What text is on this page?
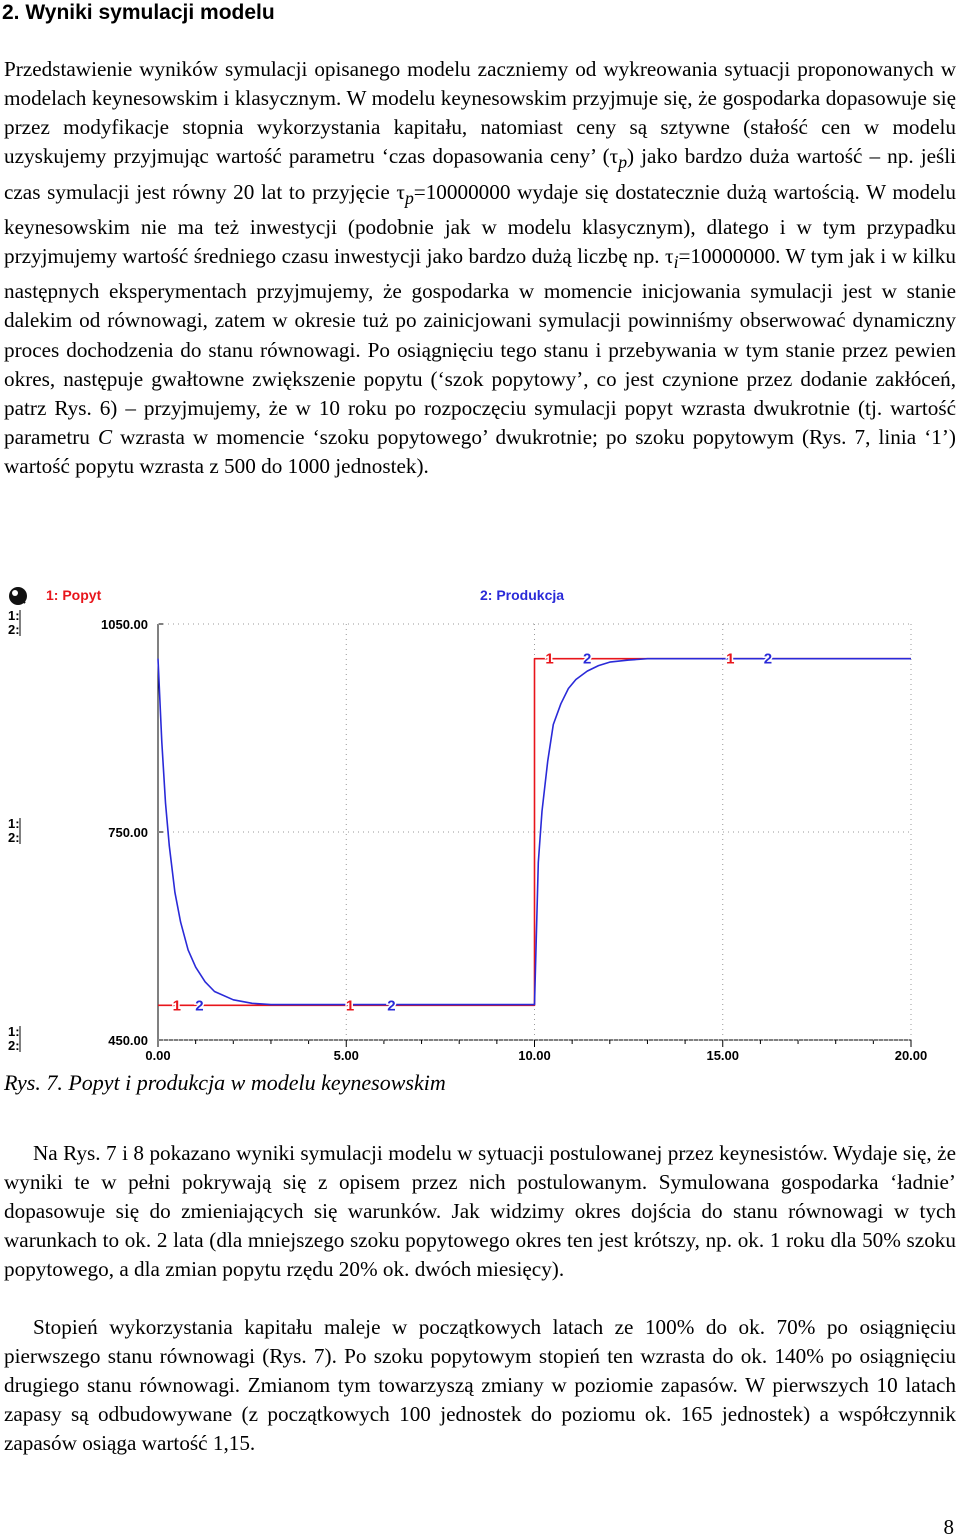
2. Wyniki symulacji modelu

Przedstawienie wyników symulacji opisanego modelu zaczniemy od wykreowania sytuacji proponowanych w modelach keynesowskim i klasycznym. W modelu keynesowskim przyjmuje się, że gospodarka dopasowuje się przez modyfikacje stopnia wykorzystania kapitału, natomiast ceny są sztywne (stałość cen w modelu uzyskujemy przyjmując wartość parametru ‘czas dopasowania ceny’ $(\tau_p)$ jako bardzo duża wartość – np. jeśli czas symulacji jest równy 20 lat to przyjęcie $\tau_p=10000000$ wydaje się dostatecznie dużą wartością. W modelu keynesowskim nie ma też inwestycji (podobnie jak w modelu klasycznym), dlatego i w tym przypadku przyjmujemy wartość średniego czasu inwestycji jako bardzo dużą liczbę np. $\tau_i=10000000$. W tym jak i w kilku następnych eksperymentach przyjmujemy, że gospodarka w momencie inicjowania symulacji jest w stanie dalekim od równowagi, zatem w okresie tuż po zainicjowani symulacji powinniśmy obserwować dynamiczny proces dochodzenia do stanu równowagi. Po osiągnięciu tego stanu i przebywania w tym stanie przez pewien okres, następuje gwałtowne zwiększenie popytu (‘szok popytowy’, co jest czynione przez dodanie zakłóceń, patrz Rys. 6) – przyjmujemy, że w 10 roku po rozpoczęciu symulacji popyt wzrasta dwukrotnie (tj. wartość parametru C wzrasta w momencie ‘szoku popytowego’ dwukrotnie; po szoku popytowym (Rys. 7, linia ‘1’) wartość popytu wzrasta z 500 do 1000 jednostek).

1: Popyt	2: Produkcja
1050.00
1:
2:
750.00
1:
2:
450.00
1:
2:
0.00	5.00	10.00	15.00	20.00
1 2	1 2
1 2	1 2

Rys. 7. Popyt i produkcja w modelu keynesowskim

Na Rys. 7 i 8 pokazano wyniki symulacji modelu w sytuacji postulowanej przez keynesistów. Wydaje się, że wyniki te w pełni pokrywają się z opisem przez nich postulowanym. Symulowana gospodarka ‘ładnie’ dopasowuje się do zmieniających się warunków. Jak widzimy okres dojścia do stanu równowagi w tych warunkach to ok. 2 lata (dla mniejszego szoku popytowego okres ten jest krótszy, np. ok. 1 roku dla 50% szoku popytowego, a dla zmian popytu rzędu 20% ok. dwóch miesięcy).

Stopień wykorzystania kapitału maleje w początkowych latach ze 100% do ok. 70% po osiągnięciu pierwszego stanu równowagi (Rys. 7). Po szoku popytowym stopień ten wzrasta do ok. 140% po osiągnięciu drugiego stanu równowagi. Zmianom tym towarzyszą zmiany w poziomie zapasów. W pierwszych 10 latach zapasy są odbudowywane (z początkowych 100 jednostek do poziomu ok. 165 jednostek) a współczynnik zapasów osiąga wartość 1,15.

8
